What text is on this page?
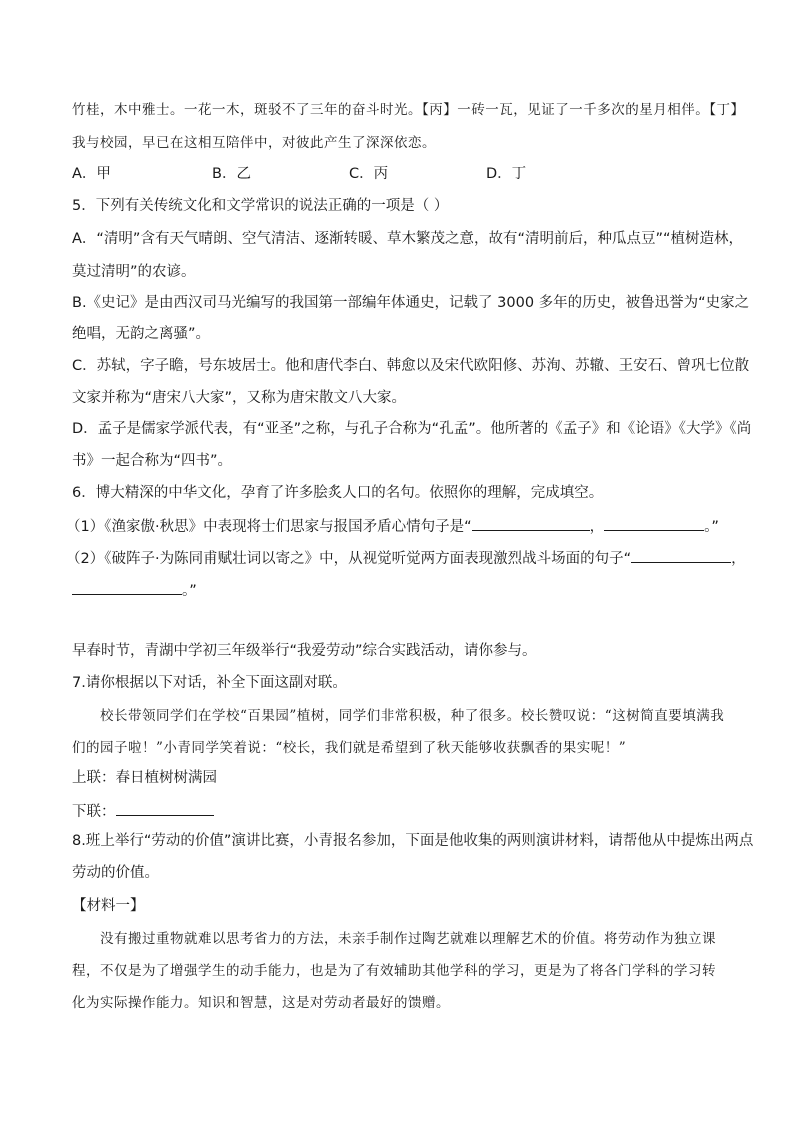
竹桂，木中雅士。一花一木，斑驳不了三年的奋斗时光。【丙】一砖一瓦，见证了一千多次的星月相伴。【丁】
我与校园，早已在这相互陪伴中，对彼此产生了深深依恋。
A．甲	B．乙	C．丙	D．丁
5．下列有关传统文化和文学常识的说法正确的一项是（ ）
A．“清明”含有天气晴朗、空气清洁、逐渐转暖、草木繁茂之意，故有“清明前后，种瓜点豆”“植树造林，
莫过清明”的农谚。
B.《史记》是由西汉司马光编写的我国第一部编年体通史，记载了 3000 多年的历史，被鲁迅誉为“史家之
绝唱，无韵之离骚”。
C．苏轼，字子瞻，号东坡居士。他和唐代李白、韩愈以及宋代欧阳修、苏洵、苏辙、王安石、曾巩七位散
文家并称为“唐宋八大家”，又称为唐宋散文八大家。
D．孟子是儒家学派代表，有“亚圣”之称，与孔子合称为“孔孟”。他所著的《孟子》和《论语》《大学》《尚
书》一起合称为“四书”。
6．博大精深的中华文化，孕育了许多脍炙人口的名句。依照你的理解，完成填空。
（1）《渔家傲·秋思》中表现将士们思家与报国矛盾心情句子是“	，	。”
（2）《破阵子·为陈同甫赋壮词以寄之》中，从视觉听觉两方面表现激烈战斗场面的句子“	，
。”
早春时节，青湖中学初三年级举行“我爱劳动”综合实践活动，请你参与。
7.请你根据以下对话，补全下面这副对联。
校长带领同学们在学校“百果园”植树，同学们非常积极，种了很多。校长赞叹说：“这树简直要填满我
们的园子啦！”小青同学笑着说：“校长，我们就是希望到了秋天能够收获飘香的果实呢！”
上联：春日植树树满园
下联：
8.班上举行“劳动的价值”演讲比赛，小青报名参加，下面是他收集的两则演讲材料，请帮他从中提炼出两点
劳动的价值。
【材料一】
没有搬过重物就难以思考省力的方法，未亲手制作过陶艺就难以理解艺术的价值。将劳动作为独立课
程，不仅是为了增强学生的动手能力，也是为了有效辅助其他学科的学习，更是为了将各门学科的学习转
化为实际操作能力。知识和智慧，这是对劳动者最好的馈赠。
